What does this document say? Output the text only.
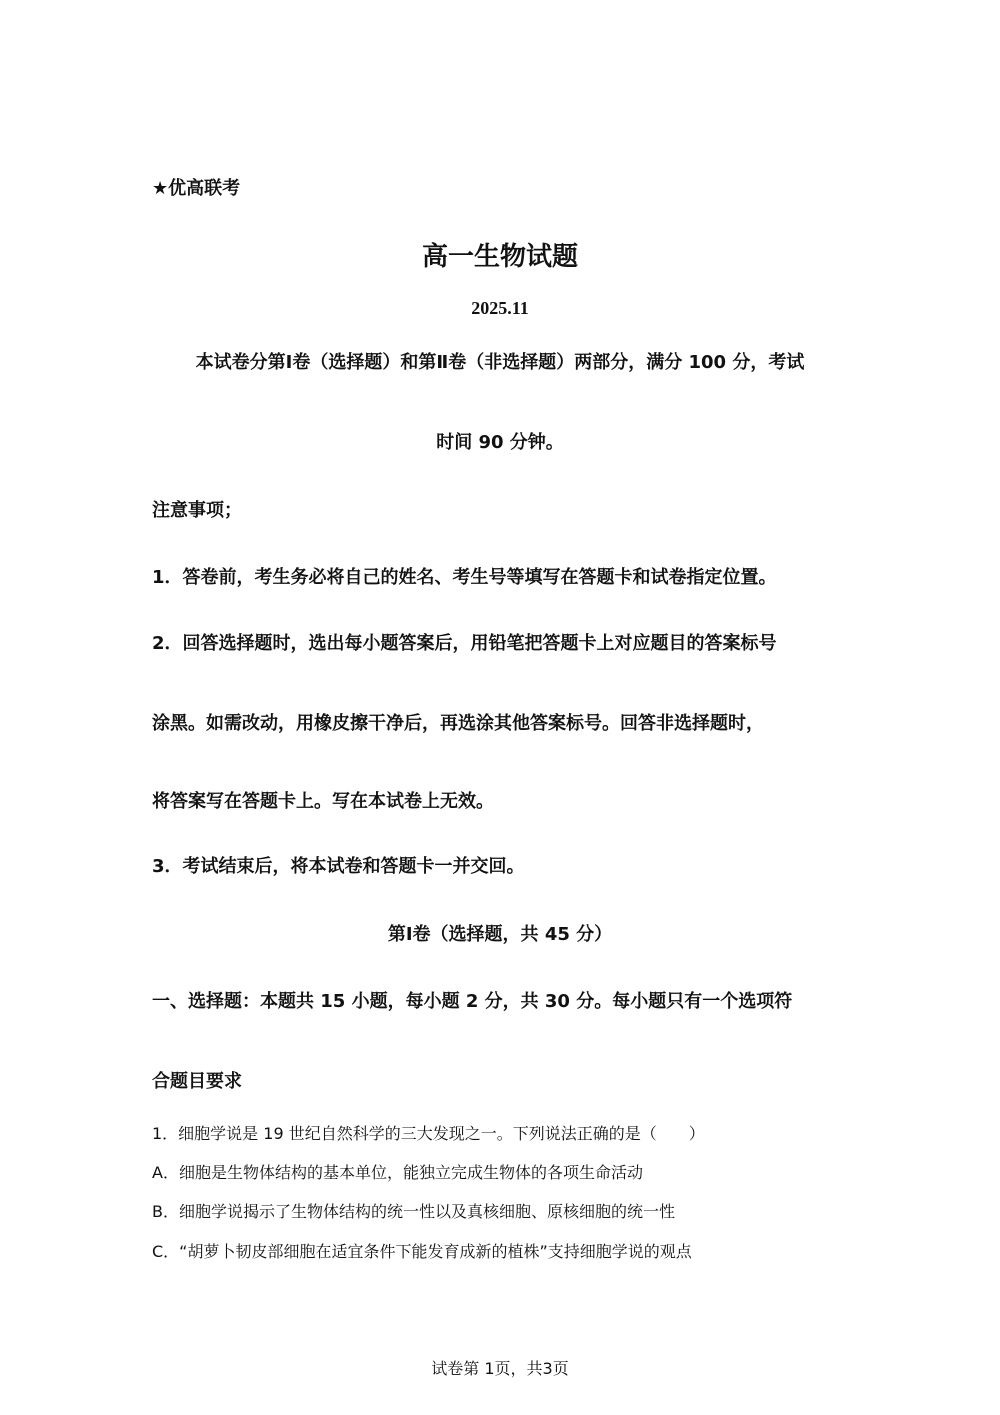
★优高联考
高一生物试题
2025.11
本试卷分第Ⅰ卷（选择题）和第Ⅱ卷（非选择题）两部分，满分 100 分，考试
时间 90 分钟。
注意事项；
1．答卷前，考生务必将自己的姓名、考生号等填写在答题卡和试卷指定位置。
2．回答选择题时，选出每小题答案后，用铅笔把答题卡上对应题目的答案标号
涂黑。如需改动，用橡皮擦干净后，再选涂其他答案标号。回答非选择题时，
将答案写在答题卡上。写在本试卷上无效。
3．考试结束后，将本试卷和答题卡一并交回。
第Ⅰ卷（选择题，共 45 分）
一、选择题：本题共 15 小题，每小题 2 分，共 30 分。每小题只有一个选项符
合题目要求
1．细胞学说是 19 世纪自然科学的三大发现之一。下列说法正确的是（　　）
A．细胞是生物体结构的基本单位，能独立完成生物体的各项生命活动
B．细胞学说揭示了生物体结构的统一性以及真核细胞、原核细胞的统一性
C．“胡萝卜韧皮部细胞在适宜条件下能发育成新的植株”支持细胞学说的观点
试卷第 1页，共3页
